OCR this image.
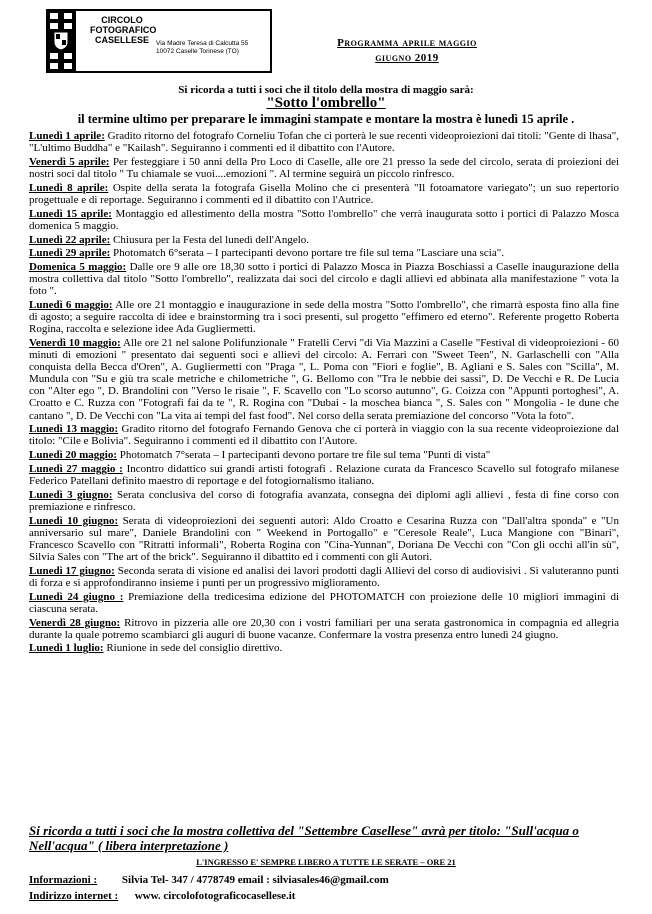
CIRCOLO FOTOGRAFICO CASELLESE	Via Madre Teresa di Calcutta 55 10072 Caselle Torinese (TO)
Programma aprile maggio
giugno 2019
Si ricorda a tutti i soci che il titolo della mostra di maggio sarà:
"Sotto l'ombrello"
il termine ultimo per preparare le immagini stampate e montare la mostra è lunedì 15 aprile .
Lunedì 1 aprile: Gradito ritorno del fotografo Corneliu Tofan che ci porterà le sue recenti videoproiezioni dai titoli: "Gente di lhasa", "L'ultimo Buddha" e "Kailash". Seguiranno i commenti ed il dibattito con l'Autore.
Venerdì 5 aprile: Per festeggiare i 50 anni della Pro Loco di Caselle, alle ore 21 presso la sede del circolo, serata di proiezioni dei nostri soci dal titolo " Tu chiamale se vuoi....emozioni ". Al termine seguirà un piccolo rinfresco.
Lunedì 8 aprile: Ospite della serata la fotografa Gisella Molino che ci presenterà "Il fotoamatore variegato"; un suo repertorio progettuale e di reportage. Seguiranno i commenti ed il dibattito con l'Autrice.
Lunedì 15 aprile: Montaggio ed allestimento della mostra "Sotto l'ombrello" che verrà inaugurata sotto i portici di Palazzo Mosca domenica 5 maggio.
Lunedì 22 aprile: Chiusura per la Festa del lunedì dell'Angelo.
Lunedì 29 aprile: Photomatch 6°serata – I partecipanti devono portare tre file sul tema "Lasciare una scia".
Domenica 5 maggio: Dalle ore 9 alle ore 18,30 sotto i portici di Palazzo Mosca in Piazza Boschiassi a Caselle inaugurazione della mostra collettiva dal titolo "Sotto l'ombrello", realizzata dai soci del circolo e dagli allievi ed abbinata alla manifestazione " vota la foto ".
Lunedì 6 maggio: Alle ore 21 montaggio e inaugurazione in sede della mostra "Sotto l'ombrello", che rimarrà esposta fino alla fine di agosto; a seguire raccolta di idee e brainstorming tra i soci presenti, sul progetto "effimero ed eterno". Referente progetto Roberta Rogina, raccolta e selezione idee Ada Gugliermetti.
Venerdì 10 maggio: Alle ore 21 nel salone Polifunzionale " Fratelli Cervi "di Via Mazzini a Caselle "Festival di videoproiezioni - 60 minuti di emozioni " presentato dai seguenti soci e allievi del circolo: A. Ferrari con "Sweet Teen", N. Garlaschelli con "Alla conquista della Becca d'Oren", A. Gugliermetti con "Praga ", L. Poma con "Fiori e foglie", B. Agliani e S. Sales con "Scilla", M. Mundula con "Su e giù tra scale metriche e chilometriche ", G. Bellomo con "Tra le nebbie dei sassi", D. De Vecchi e R. De Lucia con "Alter ego ", D. Brandolini con "Verso le risaie ", F. Scavello con "Lo scorso autunno", G. Coizza con "Appunti portoghesi", A. Croatto e C. Ruzza con "Fotografi fai da te ", R. Rogina con "Dubai - la moschea bianca ", S. Sales con " Mongolia - le dune che cantano ", D. De Vecchi con "La vita ai tempi del fast food". Nel corso della serata premiazione del concorso "Vota la foto".
Lunedì 13 maggio: Gradito ritorno del fotografo Fernando Genova che ci porterà in viaggio con la sua recente videoproiezione dal titolo: "Cile e Bolivia". Seguiranno i commenti ed il dibattito con l'Autore.
Lunedì 20 maggio: Photomatch 7°serata – I partecipanti devono portare tre file sul tema "Punti di vista"
Lunedì 27 maggio : Incontro didattico sui grandi artisti fotografi . Relazione curata da Francesco Scavello sul fotografo milanese Federico Patellani definito maestro di reportage e del fotogiornalismo italiano.
Lunedì 3 giugno: Serata conclusiva del corso di fotografia avanzata, consegna dei diplomi agli allievi , festa di fine corso con premiazione e rinfresco.
Lunedì 10 giugno: Serata di videoproiezioni dei seguenti autori: Aldo Croatto e Cesarina Ruzza con "Dall'altra sponda" e "Un anniversario sul mare", Daniele Brandolini con " Weekend in Portogallo" e "Ceresole Reale", Luca Mangione con "Binari", Francesco Scavello con "Ritratti informali", Roberta Rogina con "Cina-Yunnan", Doriana De Vecchi con "Con gli occhi all'in sù", Silvia Sales con "The art of the brick". Seguiranno il dibattito ed i commenti con gli Autori.
Lunedì 17 giugno: Seconda serata di visione ed analisi dei lavori prodotti dagli Allievi del corso di audiovisivi . Si valuteranno punti di forza e si approfondiranno insieme i punti per un progressivo miglioramento.
Lunedì 24 giugno : Premiazione della tredicesima edizione del PHOTOMATCH con proiezione delle 10 migliori immagini di ciascuna serata.
Venerdì 28 giugno: Ritrovo in pizzeria alle ore 20,30 con i vostri familiari per una serata gastronomica in compagnia ed allegria durante la quale potremo scambiarci gli auguri di buone vacanze. Confermare la vostra presenza entro lunedì 24 giugno.
Lunedì 1 luglio: Riunione in sede del consiglio direttivo.
Si ricorda a tutti i soci che la mostra collettiva del "Settembre Casellese" avrà per titolo: "Sull'acqua o Nell'acqua" ( libera interpretazione )
L'INGRESSO E' SEMPRE LIBERO A TUTTE LE SERATE – ORE 21
Informazioni : Silvia Tel- 347 / 4778749 email : silviasales46@gmail.com
Indirizzo internet : www. circolofotograficocasellese.it
